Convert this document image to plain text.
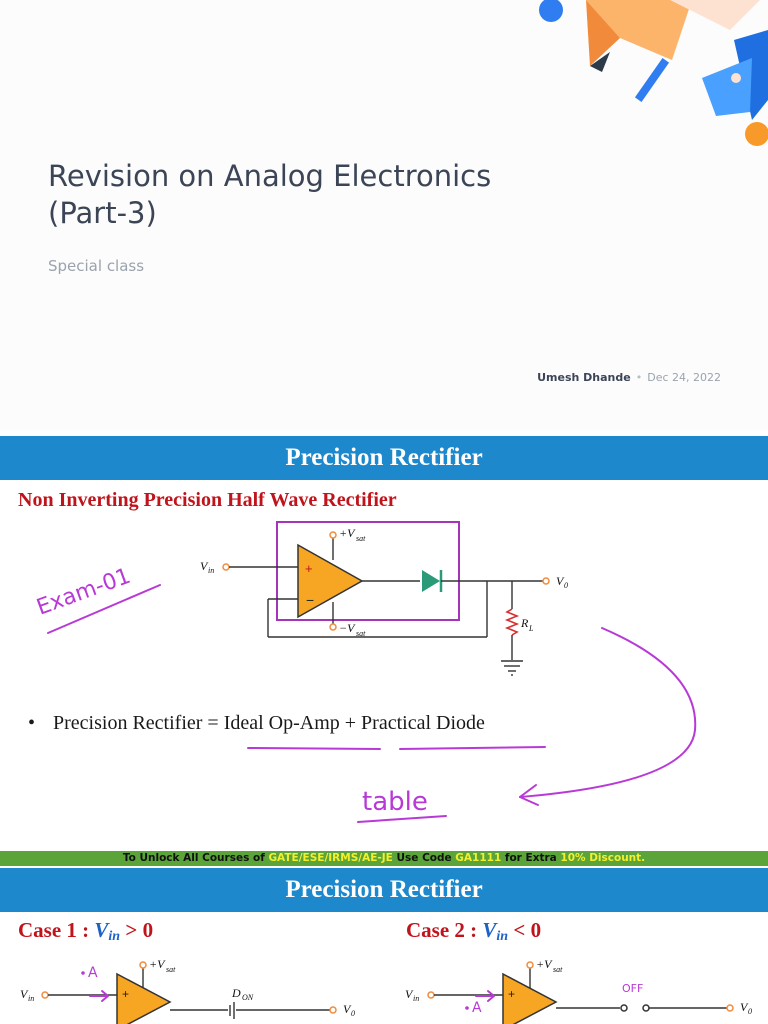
Revision on Analog Electronics
(Part-3)
Special class
Umesh Dhande • Dec 24, 2022
Precision Rectifier
Non Inverting Precision Half Wave Rectifier
+
−
V in
+V sat
−V sat
V 0
R L
• Precision Rectifier = Ideal Op-Amp + Practical Diode
Exam-01
table
To Unlock All Courses of GATE/ESE/IRMS/AE-JE Use Code GA1111 for Extra 10% Discount.
Precision Rectifier
Case 1 : $V_{in} > 0$	Case 2 : $V_{in} < 0$
+
V in
+V sat
V 0
D ON
A
+
V in
+V sat
V 0
OFF
A
